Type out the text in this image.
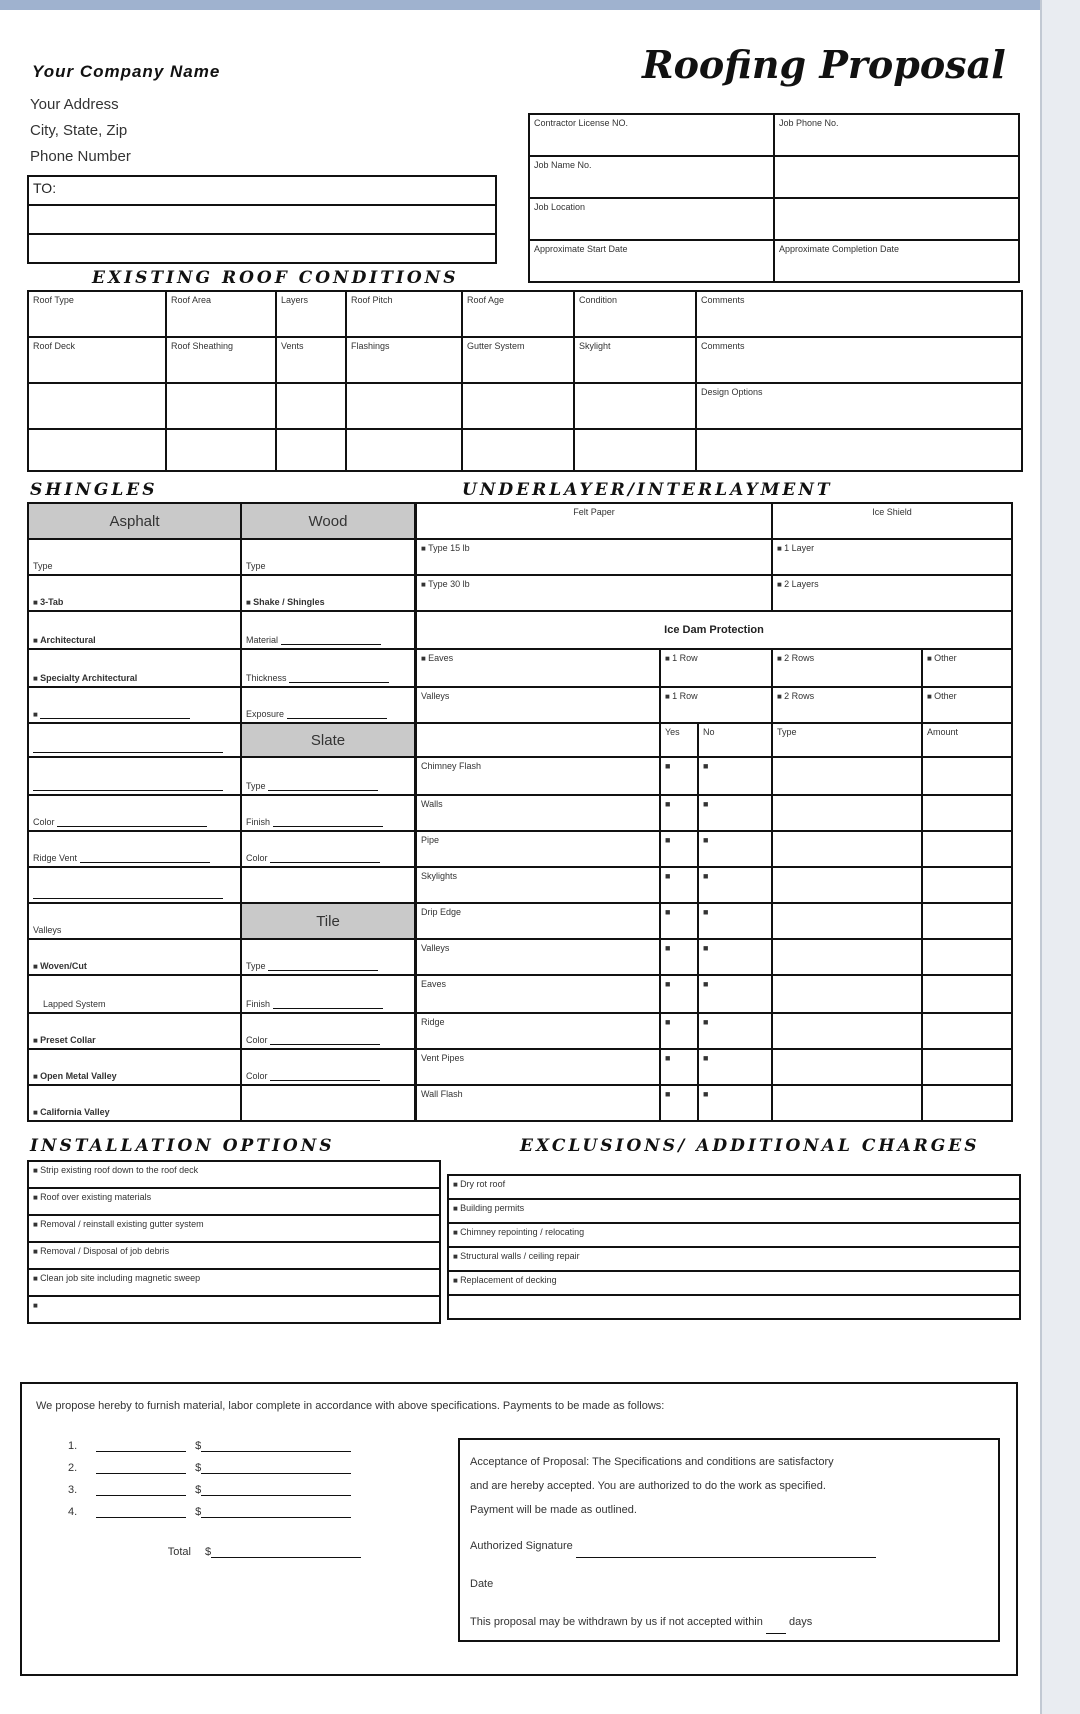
Your Company Name
Your Address
City, State, Zip
Phone Number
Roofing Proposal
TO:

Contractor License NO.	Job Phone No.
Job Name No.	
Job Location	
Approximate Start Date	Approximate Completion Date
EXISTING ROOF CONDITIONS
Roof Type	Roof Area	Layers	Roof Pitch	Roof Age	Condition	Comments
Roof Deck	Roof Sheathing	Vents	Flashings	Gutter System	Skylight	Comments
						Design Options

SHINGLES	UNDERLAYER/INTERLAYMENT
Asphalt	Wood
Type	Type
■ 3-Tab	■ Shake / Shingles
■ Architectural	Material
■ Specialty Architectural	Thickness
■	Exposure
	Slate
	Type
Color	Finish
Ridge Vent	Color

Valleys	Tile
■ Woven/Cut	Type
Lapped System	Finish
■ Preset Collar	Color
■ Open Metal Valley	Color
■ California Valley	
Felt Paper			Ice Shield	
■ Type 15 lb			■ 1 Layer
■ Type 30 lb			■ 2 Layers
Ice Dam Protection				
■ Eaves	■ 1 Row		■ 2 Rows	■ Other
Valleys	■ 1 Row		■ 2 Rows	■ Other
	Yes	No	Type	Amount
Chimney Flash	■	■		
Walls	■	■		
Pipe	■	■		
Skylights	■	■		
Drip Edge	■	■		
Valleys	■	■		
Eaves	■	■		
Ridge	■	■		
Vent Pipes	■	■		
Wall Flash	■	■		
INSTALLATION OPTIONS	EXCLUSIONS/ ADDITIONAL CHARGES
■ Strip existing roof down to the roof deck
■ Roof over existing materials
■ Removal / reinstall existing gutter system
■ Removal / Disposal of job debris
■ Clean job site including magnetic sweep
■
■ Dry rot roof
■ Building permits
■ Chimney repointing / relocating
■ Structural walls / ceiling repair
■ Replacement of decking

We propose hereby to furnish material, labor complete in accordance with above specifications. Payments to be made as follows:
1.	$
2.	$
3.	$
4.	$
Total $
Acceptance of Proposal: The Specifications and conditions are satisfactory
and are hereby accepted. You are authorized to do the work as specified.
Payment will be made as outlined.
Authorized Signature
Date
This proposal may be withdrawn by us if not accepted within days
